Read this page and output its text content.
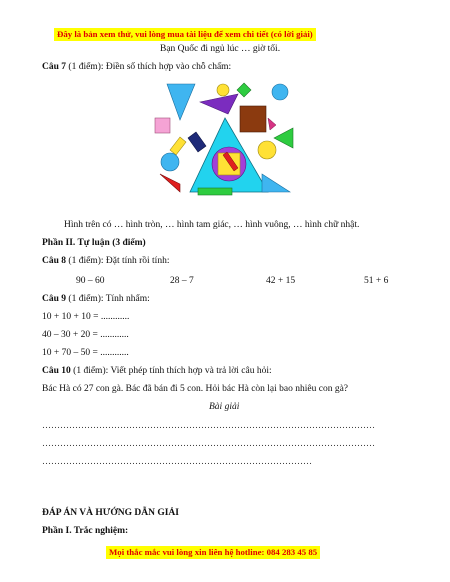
Đây là bản xem thử, vui lòng mua tài liệu để xem chi tiết (có lời giải)
Bạn Quốc đi ngủ lúc … giờ tối.
Câu 7 (1 điểm): Điền số thích hợp vào chỗ chấm:
Hình trên có … hình tròn, … hình tam giác, … hình vuông, … hình chữ nhật.
Phần II. Tự luận (3 điểm)
Câu 8 (1 điểm): Đặt tính rồi tính:
90 – 60	28 – 7	42 + 15	51 + 6
Câu 9 (1 điểm): Tính nhẩm:
10 + 10 + 10 = ............
40 – 30 + 20 = ............
10 + 70 – 50 = ............
Câu 10 (1 điểm): Viết phép tính thích hợp và trả lời câu hỏi:
Bác Hà có 27 con gà. Bác đã bán đi 5 con. Hỏi bác Hà còn lại bao nhiêu con gà?
Bài giải
…………………………………………………………………………………………………
…………………………………………………………………………………………………
………………………………………………………………………………
ĐÁP ÁN VÀ HƯỚNG DẪN GIẢI
Phần I. Trắc nghiệm:
Mọi thắc mắc vui lòng xin liên hệ hotline: 084 283 45 85
